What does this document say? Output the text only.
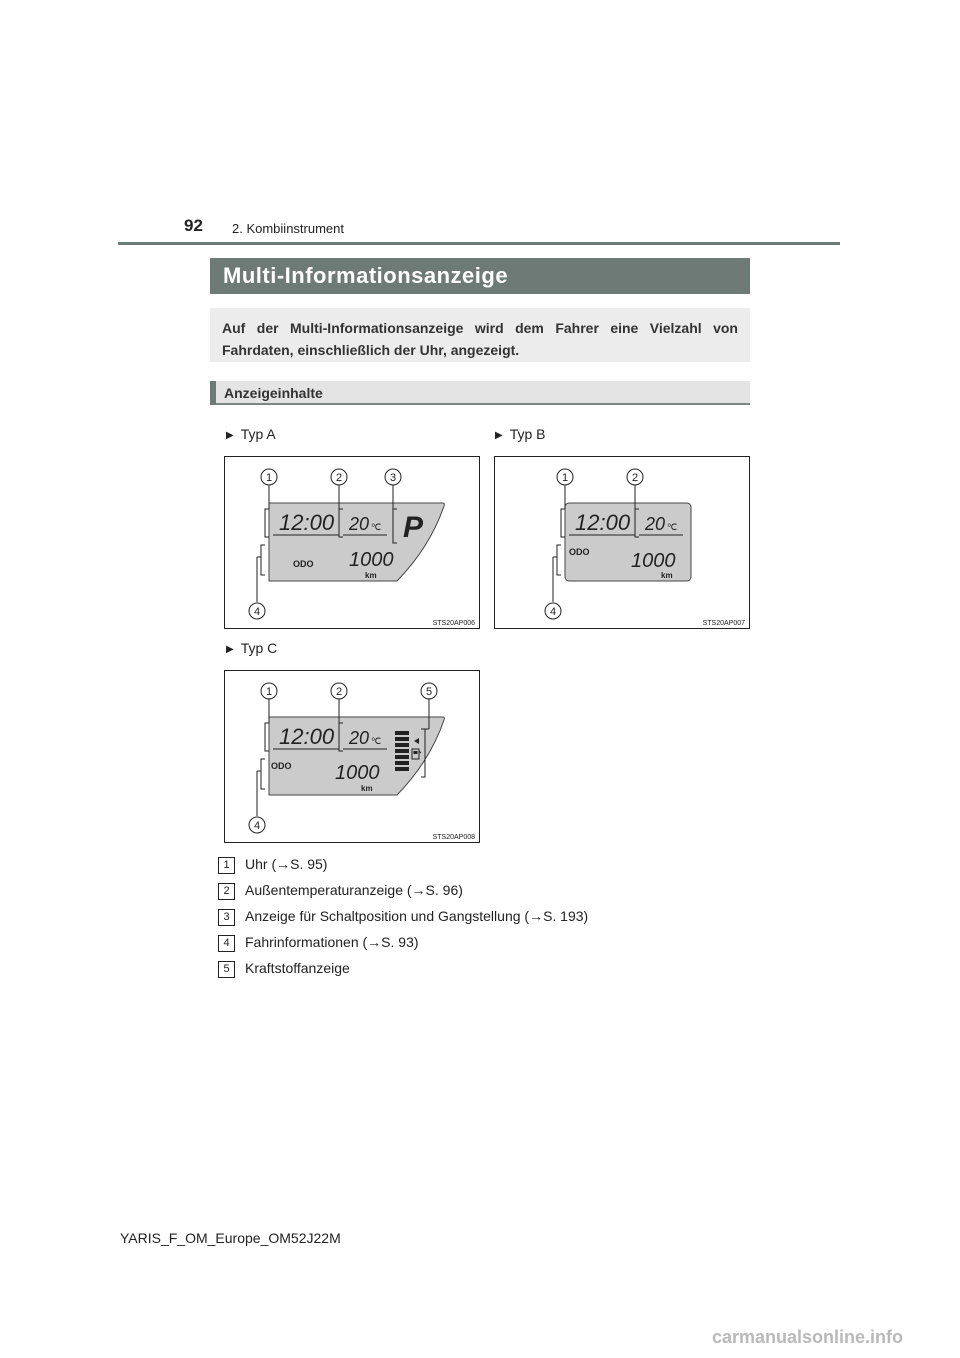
92 2. Kombiinstrument
Multi-Informationsanzeige
Auf der Multi-Informationsanzeige wird dem Fahrer eine Vielzahl von Fahrdaten, einschließlich der Uhr, angezeigt.
Anzeigeinhalte
▶ Typ A	▶ Typ B
▶ Typ C
12:00 20 ℃ P
ODO 1000
km
1	2	3
4
STS20AP006
12:00 20 ℃
ODO 1000
km
1	2
4
STS20AP007
12:00 20 ℃
ODO 1000
km
1	2	5
4
STS20AP008
1 Uhr (→S. 95)
2 Außentemperaturanzeige (→S. 96)
3 Anzeige für Schaltposition und Gangstellung (→S. 193)
4 Fahrinformationen (→S. 93)
5 Kraftstoffanzeige
YARIS_F_OM_Europe_OM52J22M
carmanualsonline.info
